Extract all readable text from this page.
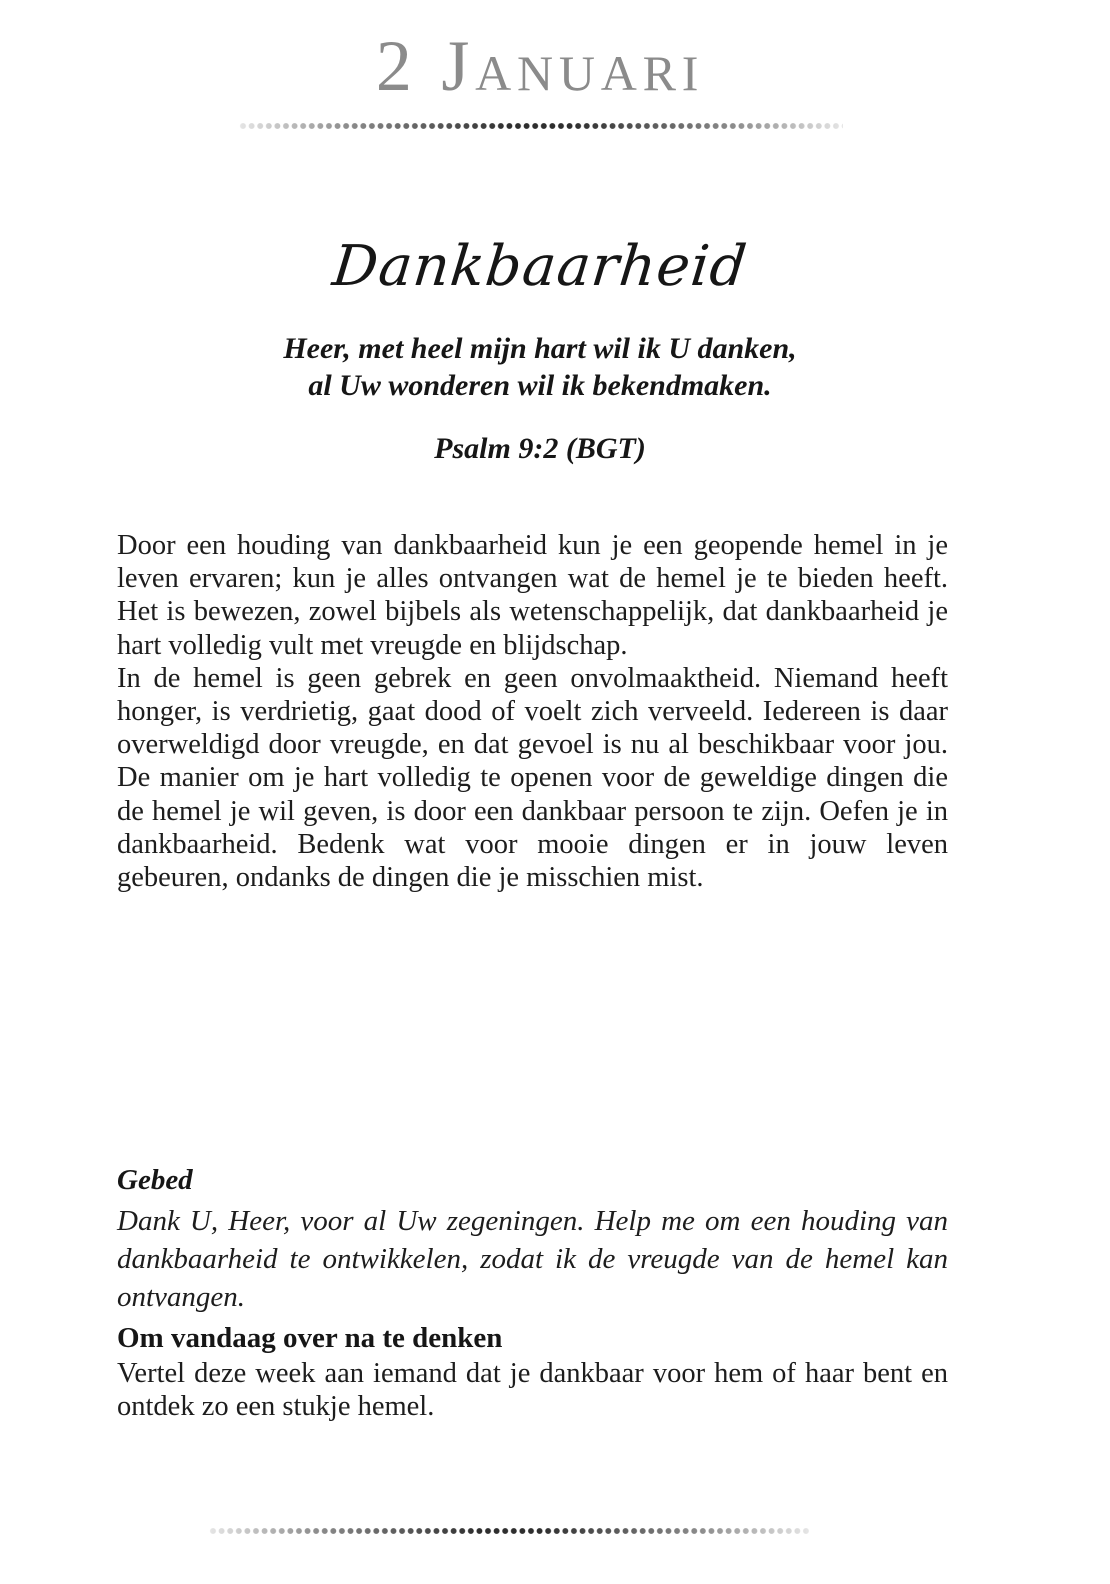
2 Januari
Dankbaarheid
Heer, met heel mijn hart wil ik U danken,
al Uw wonderen wil ik bekendmaken.
Psalm 9:2 (BGT)

Door een houding van dankbaarheid kun je een geopende hemel in je leven ervaren; kun je alles ontvangen wat de hemel je te bieden heeft. Het is bewezen, zowel bijbels als wetenschappelijk, dat dankbaarheid je hart volledig vult met vreugde en blijdschap.

In de hemel is geen gebrek en geen onvolmaaktheid. Niemand heeft honger, is verdrietig, gaat dood of voelt zich verveeld. Iedereen is daar overweldigd door vreugde, en dat gevoel is nu al beschikbaar voor jou. De manier om je hart volledig te openen voor de geweldige dingen die de hemel je wil geven, is door een dankbaar persoon te zijn. Oefen je in dankbaarheid. Bedenk wat voor mooie dingen er in jouw leven gebeuren, ondanks de dingen die je misschien mist.

Gebed

Dank U, Heer, voor al Uw zegeningen. Help me om een houding van dankbaarheid te ontwikkelen, zodat ik de vreugde van de hemel kan ontvangen.

Om vandaag over na te denken

Vertel deze week aan iemand dat je dankbaar voor hem of haar bent en ontdek zo een stukje hemel.
